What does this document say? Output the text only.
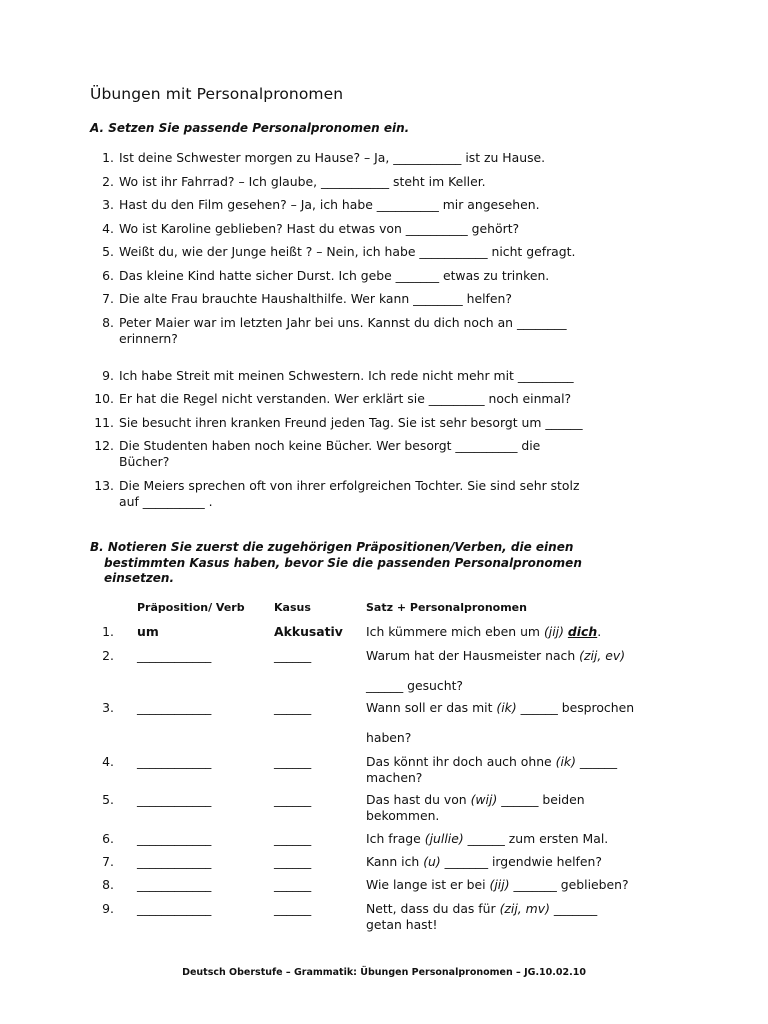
Übungen mit Personalpronomen
A. Setzen Sie passende Personalpronomen ein.
1. Ist deine Schwester morgen zu Hause? – Ja, ___________ ist zu Hause.
2. Wo ist ihr Fahrrad? – Ich glaube, ___________ steht im Keller.
3. Hast du den Film gesehen? – Ja, ich habe __________ mir angesehen.
4. Wo ist Karoline geblieben? Hast du etwas von __________ gehört?
5. Weißt du, wie der Junge heißt ? – Nein, ich habe ___________ nicht gefragt.
6. Das kleine Kind hatte sicher Durst. Ich gebe _______ etwas zu trinken.
7. Die alte Frau brauchte Haushalthilfe. Wer kann ________ helfen?
8. Peter Maier war im letzten Jahr bei uns. Kannst du dich noch an ________
erinnern?
9. Ich habe Streit mit meinen Schwestern. Ich rede nicht mehr mit _________
10. Er hat die Regel nicht verstanden. Wer erklärt sie _________ noch einmal?
11. Sie besucht ihren kranken Freund jeden Tag. Sie ist sehr besorgt um ______
12. Die Studenten haben noch keine Bücher. Wer besorgt __________ die
Bücher?
13. Die Meiers sprechen oft von ihrer erfolgreichen Tochter. Sie sind sehr stolz
auf __________ .
B. Notieren Sie zuerst die zugehörigen Präpositionen/Verben, die einen
bestimmten Kasus haben, bevor Sie die passenden Personalpronomen
einsetzen.
Präposition/ Verb	Kasus	Satz + Personalpronomen
1. um	Akkusativ Ich kümmere mich eben um (jij) dich.
2. ____________	______	Warum hat der Hausmeister nach (zij, ev)
______ gesucht?
3. ____________	______	Wann soll er das mit (ik) ______ besprochen
haben?
4. ____________	______	Das könnt ihr doch auch ohne (ik) ______
machen?
5. ____________	______	Das hast du von (wij) ______ beiden
bekommen.
6. ____________	______	Ich frage (jullie) ______ zum ersten Mal.
7. ____________	______	Kann ich (u) _______ irgendwie helfen?
8. ____________	______	Wie lange ist er bei (jij) _______ geblieben?
9. ____________	______	Nett, dass du das für (zij, mv) _______
getan hast!
Deutsch Oberstufe – Grammatik: Übungen Personalpronomen – JG.10.02.10
